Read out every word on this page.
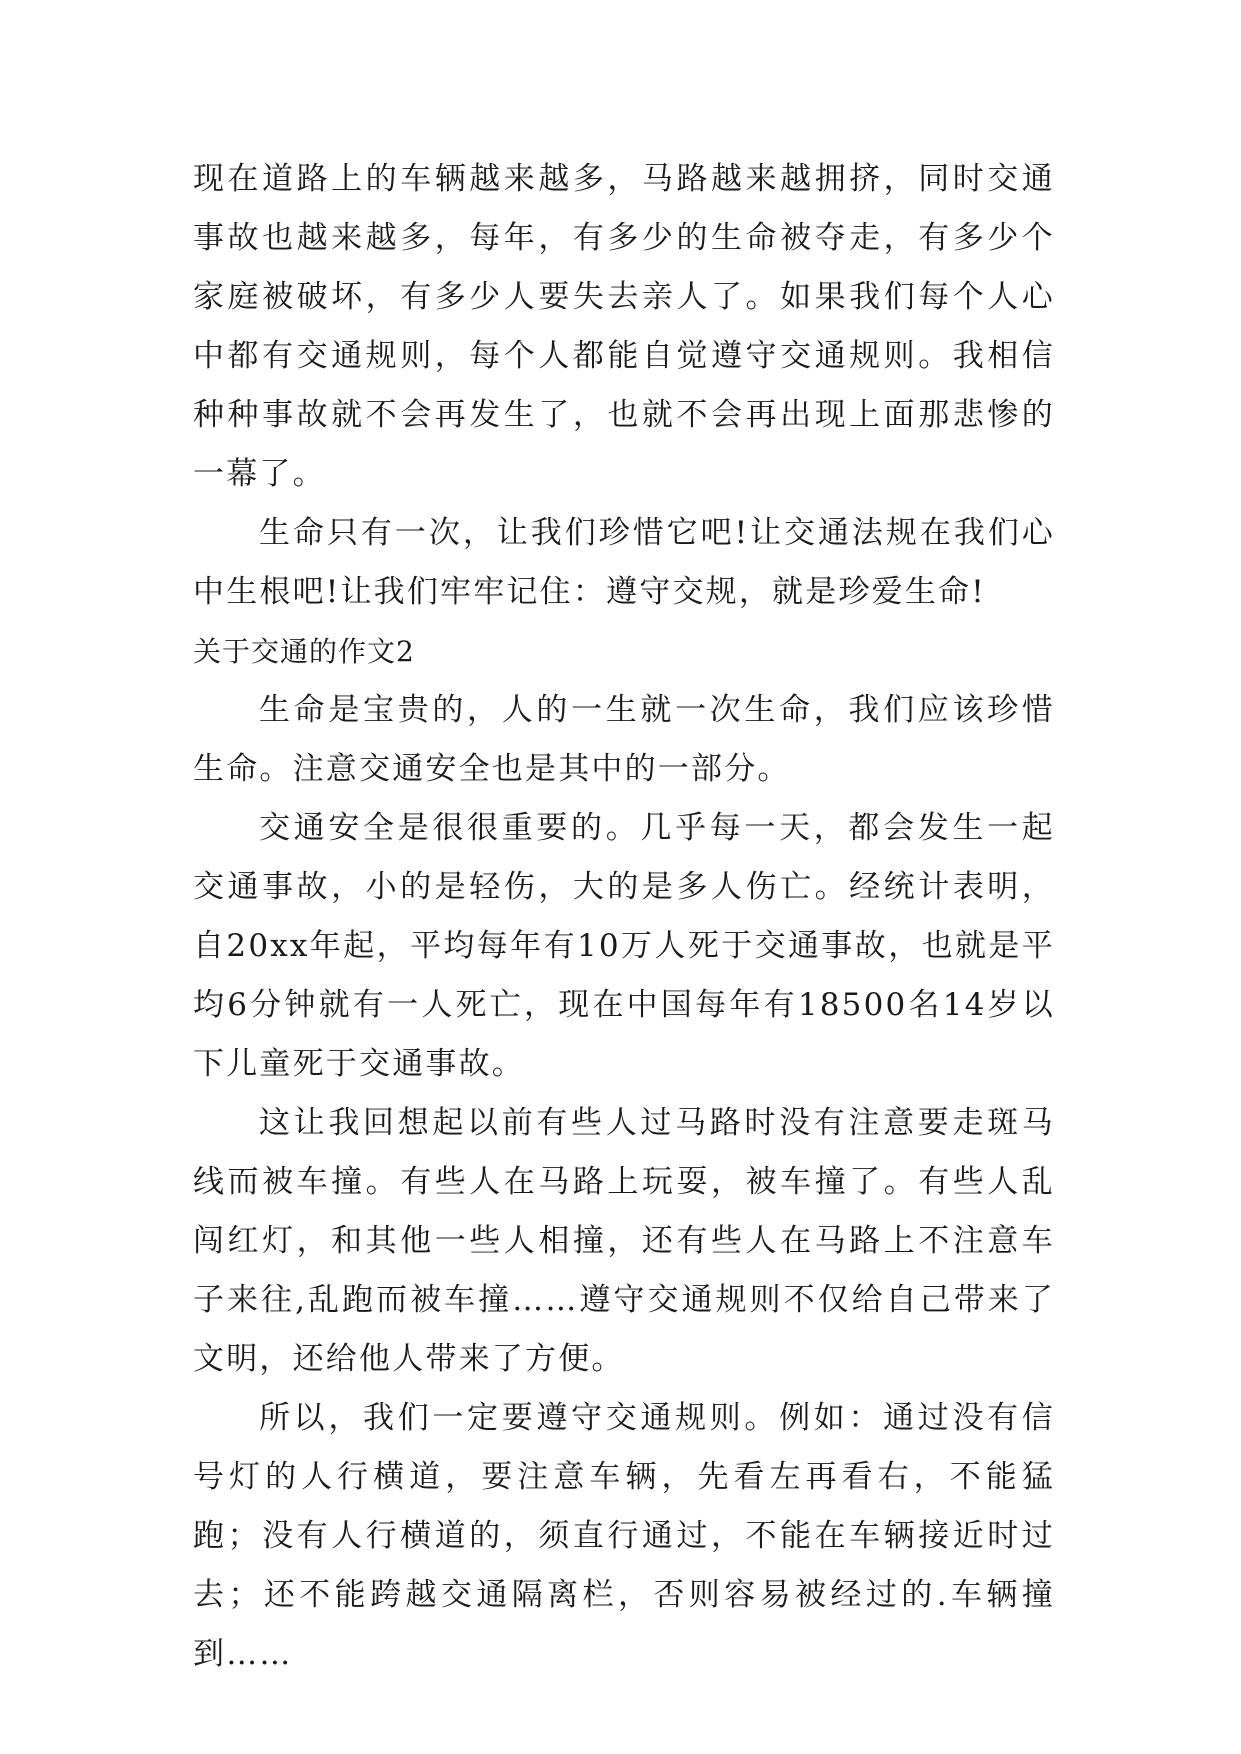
现在道路上的车辆越来越多，马路越来越拥挤，同时交通事故也越来越多，每年，有多少的生命被夺走，有多少个家庭被破坏，有多少人要失去亲人了。如果我们每个人心中都有交通规则，每个人都能自觉遵守交通规则。我相信种种事故就不会再发生了，也就不会再出现上面那悲惨的一幕了。

生命只有一次，让我们珍惜它吧!让交通法规在我们心中生根吧!让我们牢牢记住：遵守交规，就是珍爱生命!

关于交通的作文2

生命是宝贵的，人的一生就一次生命，我们应该珍惜生命。注意交通安全也是其中的一部分。

交通安全是很很重要的。几乎每一天，都会发生一起交通事故，小的是轻伤，大的是多人伤亡。经统计表明，自20xx年起，平均每年有10万人死于交通事故，也就是平均6分钟就有一人死亡，现在中国每年有18500名14岁以下儿童死于交通事故。

这让我回想起以前有些人过马路时没有注意要走斑马线而被车撞。有些人在马路上玩耍，被车撞了。有些人乱闯红灯，和其他一些人相撞，还有些人在马路上不注意车子来往,乱跑而被车撞……遵守交通规则不仅给自己带来了文明，还给他人带来了方便。

所以，我们一定要遵守交通规则。例如：通过没有信号灯的人行横道，要注意车辆，先看左再看右，不能猛跑；没有人行横道的，须直行通过，不能在车辆接近时过去；还不能跨越交通隔离栏，否则容易被经过的.车辆撞到……
